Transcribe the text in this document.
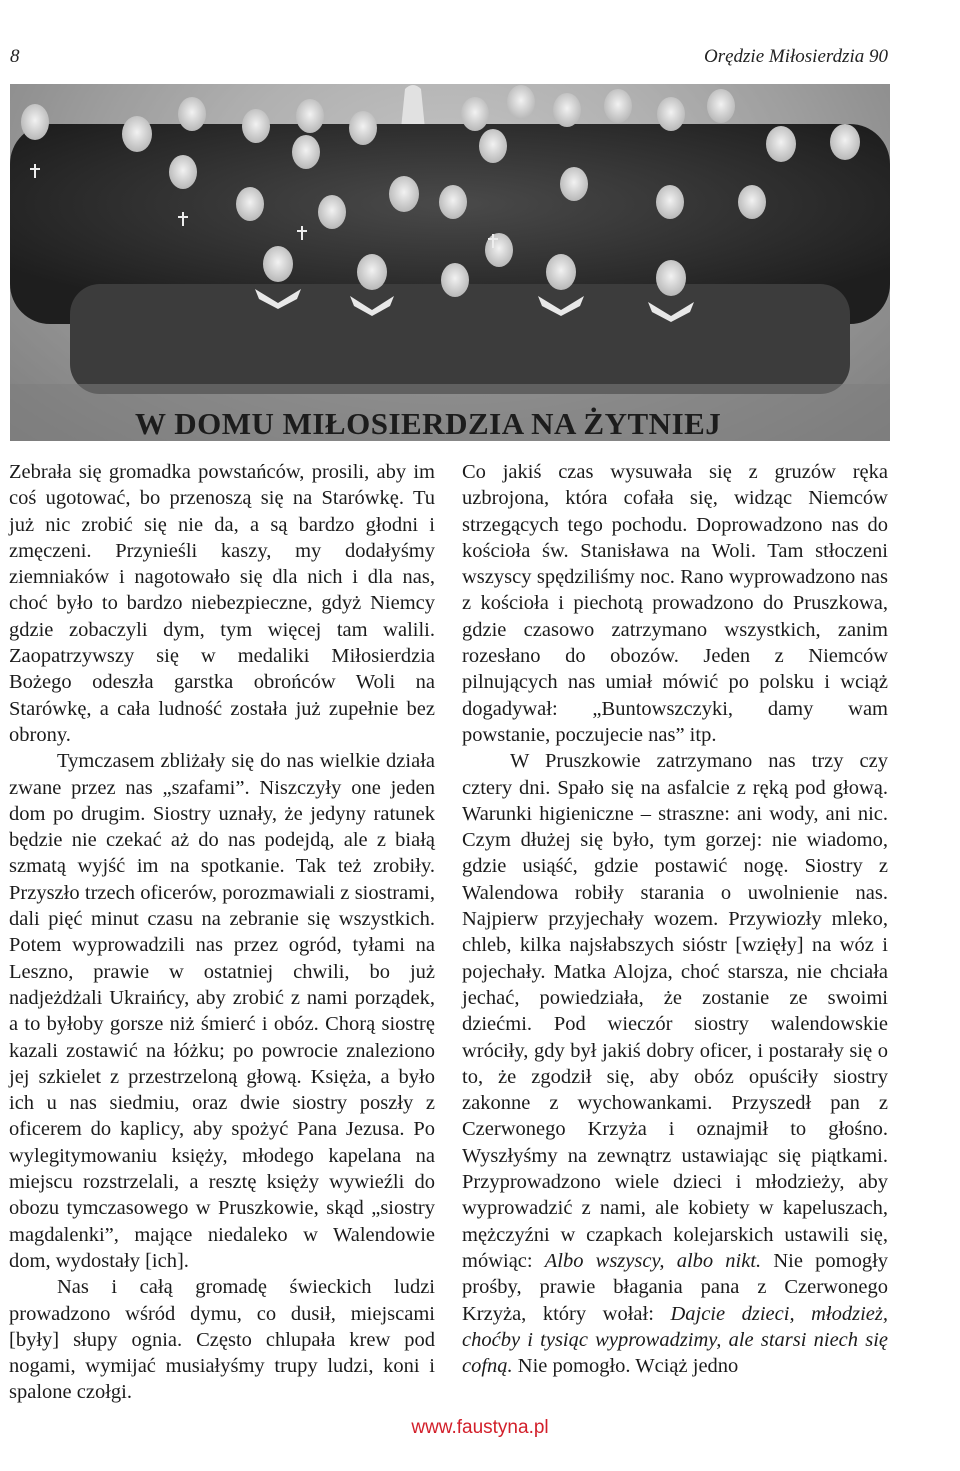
8	Orędzie Miłosierdzia 90
W DOMU MIŁOSIERDZIA NA ŻYTNIEJ

Zebrała się gromadka powstańców, prosili, aby im coś ugotować, bo przenoszą się na Starówkę. Tu już nic zrobić się nie da, a są bardzo głodni i zmęczeni. Przynieśli kaszy, my dodałyśmy ziemniaków i nagotowało się dla nich i dla nas, choć było to bardzo niebezpieczne, gdyż Niemcy gdzie zobaczyli dym, tym więcej tam walili. Zaopatrzywszy się w medaliki Miłosierdzia Bożego odeszła garstka obrońców Woli na Starówkę, a cała ludność została już zupełnie bez obrony.

Tymczasem zbliżały się do nas wielkie działa zwane przez nas „szafami”. Niszczyły one jeden dom po drugim. Siostry uznały, że jedyny ratunek będzie nie czekać aż do nas podejdą, ale z białą szmatą wyjść im na spotkanie. Tak też zrobiły. Przyszło trzech oficerów, porozmawiali z siostrami, dali pięć minut czasu na zebranie się wszystkich. Potem wyprowadzili nas przez ogród, tyłami na Leszno, prawie w ostatniej chwili, bo już nadjeżdżali Ukraińcy, aby zrobić z nami porządek, a to byłoby gorsze niż śmierć i obóz. Chorą siostrę kazali zostawić na łóżku; po powrocie znaleziono jej szkielet z przestrzeloną głową. Księża, a było ich u nas siedmiu, oraz dwie siostry poszły z oficerem do kaplicy, aby spożyć Pana Jezusa. Po wylegitymowaniu księży, młodego kapelana na miejscu rozstrzelali, a resztę księży wywieźli do obozu tymczasowego w Pruszkowie, skąd „siostry magdalenki”, mające niedaleko w Walendowie dom, wydostały [ich].

Nas i całą gromadę świeckich ludzi prowadzono wśród dymu, co dusił, miejscami [były] słupy ognia. Często chlupała krew pod nogami, wymijać musiałyśmy trupy ludzi, koni i spalone czołgi.

Co jakiś czas wysuwała się z gruzów ręka uzbrojona, która cofała się, widząc Niemców strzegących tego pochodu. Doprowadzono nas do kościoła św. Stanisława na Woli. Tam stłoczeni wszyscy spędziliśmy noc. Rano wyprowadzono nas z kościoła i piechotą prowadzono do Pruszkowa, gdzie czasowo zatrzymano wszystkich, zanim rozesłano do obozów. Jeden z Niemców pilnujących nas umiał mówić po polsku i wciąż dogadywał: „Buntowszczyki, damy wam powstanie, poczujecie nas” itp.

W Pruszkowie zatrzymano nas trzy czy cztery dni. Spało się na asfalcie z ręką pod głową. Warunki higieniczne – straszne: ani wody, ani nic. Czym dłużej się było, tym gorzej: nie wiadomo, gdzie usiąść, gdzie postawić nogę. Siostry z Walendowa robiły starania o uwolnienie nas. Najpierw przyjechały wozem. Przywiozły mleko, chleb, kilka najsłabszych sióstr [wzięły] na wóz i pojechały. Matka Alojza, choć starsza, nie chciała jechać, powiedziała, że zostanie ze swoimi dziećmi. Pod wieczór siostry walendowskie wróciły, gdy był jakiś dobry oficer, i postarały się o to, że zgodził się, aby obóz opuściły siostry zakonne z wychowankami. Przyszedł pan z Czerwonego Krzyża i oznajmił to głośno. Wyszłyśmy na zewnątrz ustawiając się piątkami. Przyprowadzono wiele dzieci i młodzieży, aby wyprowadzić z nami, ale kobiety w kapeluszach, mężczyźni w czapkach kolejarskich ustawili się, mówiąc: Albo wszyscy, albo nikt. Nie pomogły prośby, prawie błagania pana z Czerwonego Krzyża, który wołał: Dajcie dzieci, młodzież, choćby i tysiąc wyprowadzimy, ale starsi niech się cofną. Nie pomogło. Wciąż jedno

www.faustyna.pl
